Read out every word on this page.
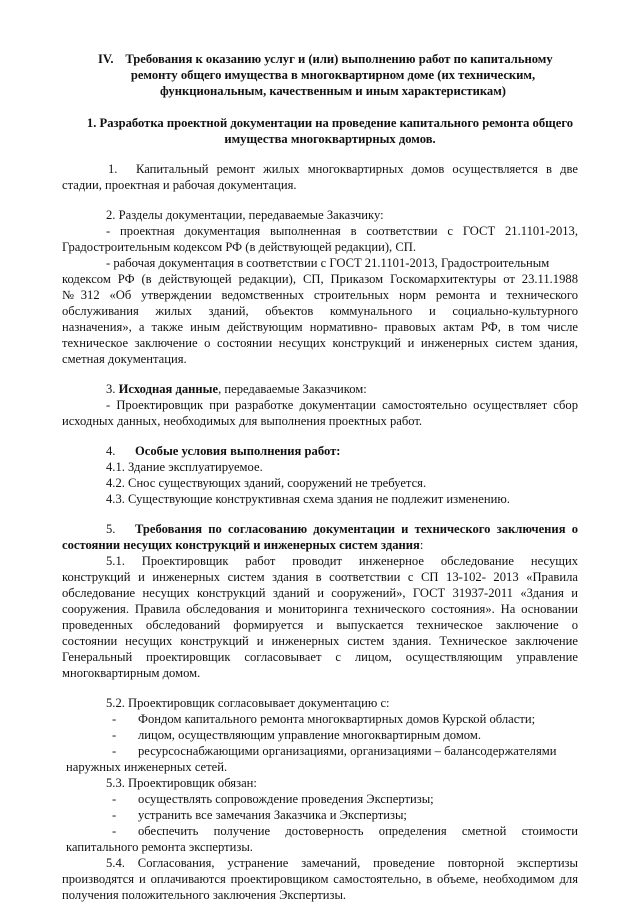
IV. Требования к оказанию услуг и (или) выполнению работ по капитальному
ремонту общего имущества в многоквартирном доме (их техническим,
функциональным, качественным и иным характеристикам)
1. Разработка проектной документации на проведение капитального ремонта общего
имущества многоквартирных домов.
1. Капитальный ремонт жилых многоквартирных домов осуществляется в две
стадии, проектная и рабочая документация.
2. Разделы документации, передаваемые Заказчику:
- проектная документация выполненная в соответствии с ГОСТ 21.1101-2013,
Градостроительным кодексом РФ (в действующей редакции), СП.
- рабочая документация в соответствии с ГОСТ 21.1101-2013, Градостроительным
кодексом РФ (в действующей редакции), СП, Приказом Госкомархитектуры от 23.11.1988
№312 «Об утверждении ведомственных строительных норм ремонта и технического
обслуживания жилых зданий, объектов коммунального и социально-культурного
назначения», а также иным действующим нормативно- правовых актам РФ, в том числе
техническое заключение о состоянии несущих конструкций и инженерных систем здания,
сметная документация.
3. Исходная данные, передаваемые Заказчиком:
- Проектировщик при разработке документации самостоятельно осуществляет сбор
исходных данных, необходимых для выполнения проектных работ.
4. Особые условия выполнения работ:
4.1. Здание эксплуатируемое.
4.2. Снос существующих зданий, сооружений не требуется.
4.3. Существующие конструктивная схема здания не подлежит изменению.
5. Требования по согласованию документации и технического заключения о
состоянии несущих конструкций и инженерных систем здания:
5.1. Проектировщик работ проводит инженерное обследование несущих
конструкций и инженерных систем здания в соответствии с СП 13-102- 2013 «Правила
обследование несущих конструкций зданий и сооружений», ГОСТ 31937-2011 «Здания и
сооружения. Правила обследования и мониторинга технического состояния». На основании
проведенных обследований формируется и выпускается техническое заключение о
состоянии несущих конструкций и инженерных систем здания. Техническое заключение
Генеральный проектировщик согласовывает с лицом, осуществляющим управление
многоквартирным домом.
5.2. Проектировщик согласовывает документацию с:
- Фондом капитального ремонта многоквартирных домов Курской области;
- лицом, осуществляющим управление многоквартирным домом.
- ресурсоснабжающими организациями, организациями – балансодержателями
наружных инженерных сетей.
5.3. Проектировщик обязан:
- осуществлять сопровождение проведения Экспертизы;
- устранить все замечания Заказчика и Экспертизы;
- обеспечить получение достоверность определения сметной стоимости
капитального ремонта экспертизы.
5.4. Согласования, устранение замечаний, проведение повторной экспертизы
производятся и оплачиваются проектировщиком самостоятельно, в объеме, необходимом для
получения положительного заключения Экспертизы.
